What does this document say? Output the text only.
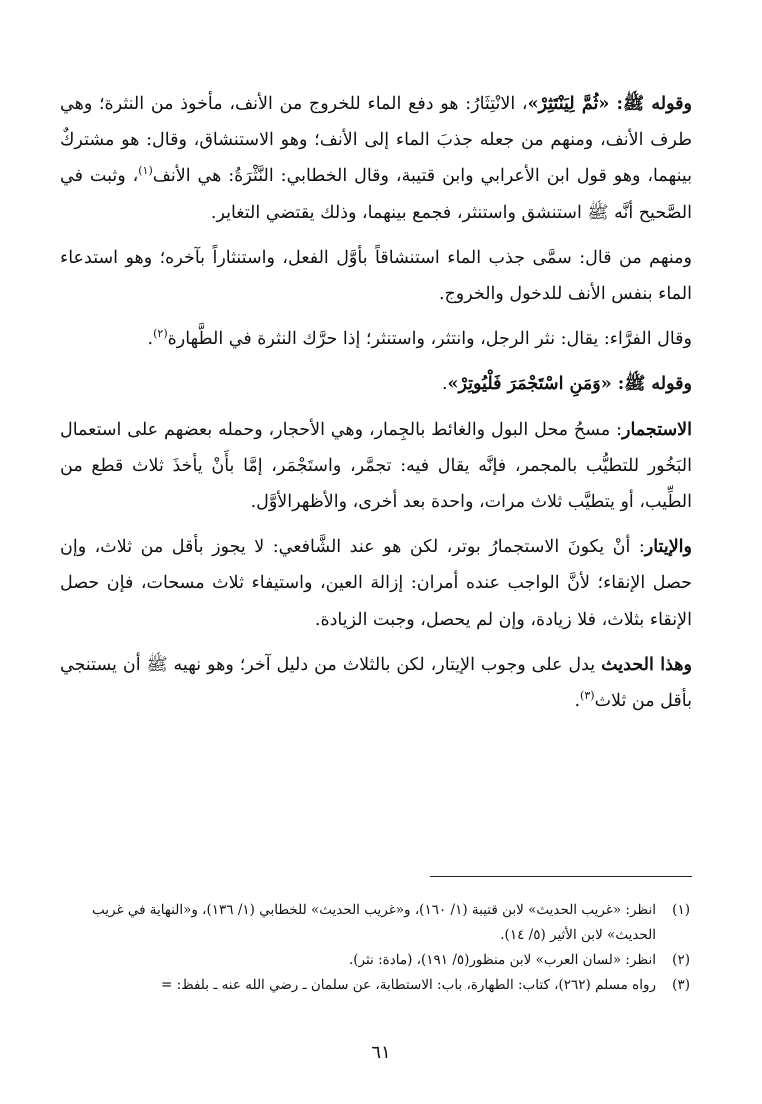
وقوله ﷺ: «ثُمَّ لِيَنْتَثِرْ»، الانْتِثَارُ: هو دفع الماء للخروج من الأنف، مأخوذ من النثرة؛ وهي طرف الأنف، ومنهم من جعله جذبَ الماء إلى الأنف؛ وهو الاستنشاق، وقال: هو مشتركٌ بينهما، وهو قول ابن الأعرابي وابن قتيبة، وقال الخطابي: النَّثْرَةُ: هي الأنف$^{(١)}$، وثبت في الصَّحيح أنَّه ﷺ استنشق واستنثر، فجمع بينهما، وذلك يقتضي التغاير.

ومنهم من قال: سمَّى جذب الماء استنشاقاً بأوَّل الفعل، واستنثاراً بآخره؛ وهو استدعاء الماء بنفس الأنف للدخول والخروج.

وقال الفرَّاء: يقال: نثر الرجل، وانتثر، واستنثر؛ إذا حرَّك النثرة في الطَّهارة$^{(٢)}$.

وقوله ﷺ: «وَمَنِ اسْتَجْمَرَ فَلْيُوتِرْ».

الاستجمار: مسحُ محل البول والغائط بالجِمار، وهي الأحجار، وحمله بعضهم على استعمال البَخُور للتطيُّب بالمجمر، فإنَّه يقال فيه: تجمَّر، واستَجْمَر، إمَّا بأَنْ يأخذَ ثلاث قطع من الطِّيب، أو يتطيَّب ثلاث مرات، واحدة بعد أخرى، والأظهرالأوَّل.

والإيتار: أنْ يكونَ الاستجمارُ بوتر، لكن هو عند الشَّافعي: لا يجوز بأقل من ثلاث، وإن حصل الإنقاء؛ لأنَّ الواجب عنده أمران: إزالة العين، واستيفاء ثلاث مسحات، فإن حصل الإنقاء بثلاث، فلا زيادة، وإن لم يحصل، وجبت الزيادة.

وهذا الحديث يدل على وجوب الإيتار، لكن بالثلاث من دليل آخر؛ وهو نهيه ﷺ أن يستنجي بأقل من ثلاث$^{(٣)}$.

(١)
انظر: «غريب الحديث» لابن قتيبة (١/ ١٦٠)، و«غريب الحديث» للخطابي (١/ ١٣٦)، و«النهاية في غريب الحديث» لابن الأثير (٥/ ١٤).
(٢)
انظر: «لسان العرب» لابن منظور(٥/ ١٩١)، (مادة: نثر).
(٣)
رواه مسلم (٢٦٢)، كتاب: الطهارة، باب: الاستطابة، عن سلمان ـ رضي الله عنه ـ بلفظ: =
٦١
